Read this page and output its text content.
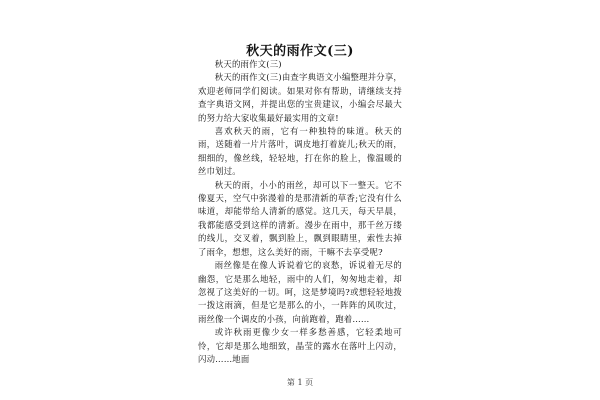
秋天的雨作文(三)

秋天的雨作文(三)

秋天的雨作文(三)由查字典语文小编整理并分享，欢迎老师同学们阅读。如果对你有帮助，请继续支持查字典语文网，并提出您的宝贵建议，小编会尽最大的努力给大家收集最好最实用的文章!

喜欢秋天的雨，它有一种独特的味道。秋天的雨，送随着一片片落叶，调皮地打着旋儿;秋天的雨，细细的，像丝线，轻轻地，打在你的脸上，像温暖的丝巾划过。

秋天的雨，小小的雨丝，却可以下一整天。它不像夏天，空气中弥漫着的是那清新的草香;它没有什么味道，却能带给人清新的感觉。这几天，每天早晨，我都能感受到这样的清新。漫步在雨中，那千丝万缕的线儿，交叉着，飘到脸上，飘到眼睛里，索性去掉了雨伞，想想，这么美好的雨，干嘛不去享受呢?

雨丝像是在像人诉说着它的哀愁，诉说着无尽的幽怨，它是那么地轻，雨中的人们，匆匆地走着，却忽视了这美好的一切。呵，这是梦境吗?或想轻轻地拨一拨这雨滴，但是它是那么的小，一阵阵的风吹过，雨丝像一个调皮的小孩，向前跑着，跑着……

或许秋雨更像少女一样多愁善感，它轻柔地可怜，它却是那么地细致，晶莹的露水在落叶上闪动，闪动……地面

第 1 页
